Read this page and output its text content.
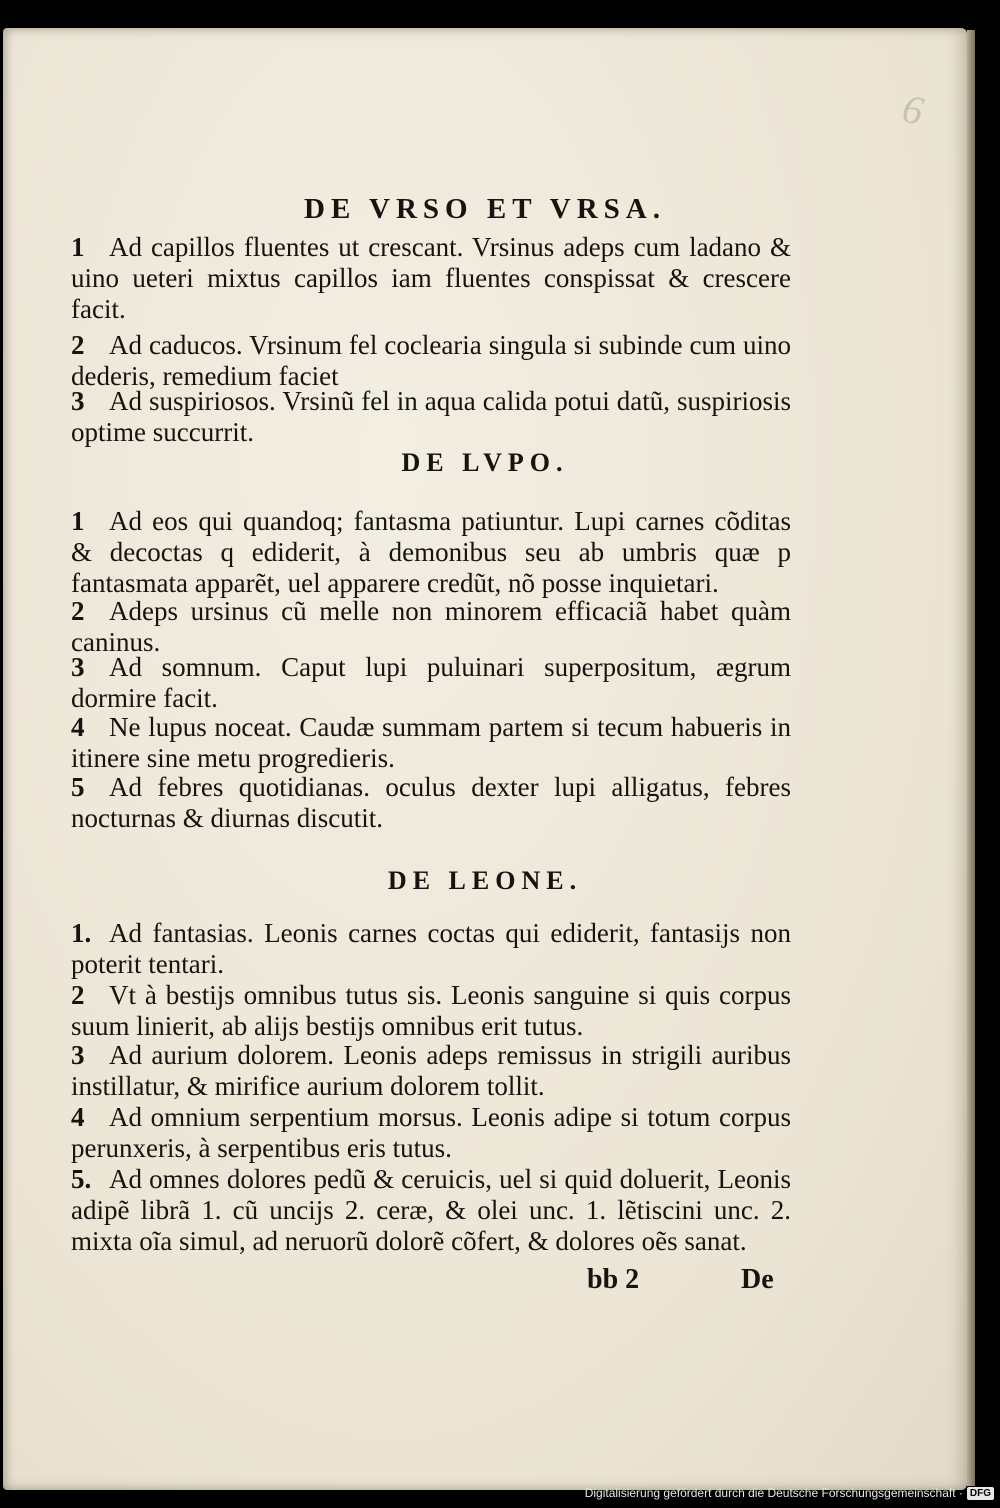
6
DE VRSO ET VRSA.
1 Ad capillos fluentes ut crescant. Vrsinus adeps cum ladano & uino ueteri mixtus capillos iam fluentes conspissat & crescere facit.
2 Ad caducos. Vrsinum fel coclearia singula si subinde cum uino dederis, remedium faciet
3 Ad suspiriosos. Vrsinũ fel in aqua calida potui datũ, suspiriosis optime succurrit.
DE LVPO.
1 Ad eos qui quandoq; fantasma patiuntur. Lupi carnes cõditas & decoctas q ediderit, à demonibus seu ab umbris quæ p fantasmata apparẽt, uel apparere credũt, nõ posse inquietari.
2 Adeps ursinus cũ melle non minorem efficaciã habet quàm caninus.
3 Ad somnum. Caput lupi puluinari superpositum, ægrum dormire facit.
4 Ne lupus noceat. Caudæ summam partem si tecum habueris in itinere sine metu progredieris.
5 Ad febres quotidianas. oculus dexter lupi alligatus, febres nocturnas & diurnas discutit.
DE LEONE.
1. Ad fantasias. Leonis carnes coctas qui ediderit, fantasijs non poterit tentari.
2 Vt à bestijs omnibus tutus sis. Leonis sanguine si quis corpus suum linierit, ab alijs bestijs omnibus erit tutus.
3 Ad aurium dolorem. Leonis adeps remissus in strigili auribus instillatur, & mirifice aurium dolorem tollit.
4 Ad omnium serpentium morsus. Leonis adipe si totum corpus perunxeris, à serpentibus eris tutus.
5. Ad omnes dolores pedũ & ceruicis, uel si quid doluerit, Leonis adipẽ librã 1. cũ uncijs 2. ceræ, & olei unc. 1. lẽtiscini unc. 2. mixta oĩa simul, ad neruorũ dolorẽ cõfert, & dolores oẽs sanat.
bb 2	De
Digitalisierung gefördert durch die Deutsche Forschungsgemeinschaft · DFG
